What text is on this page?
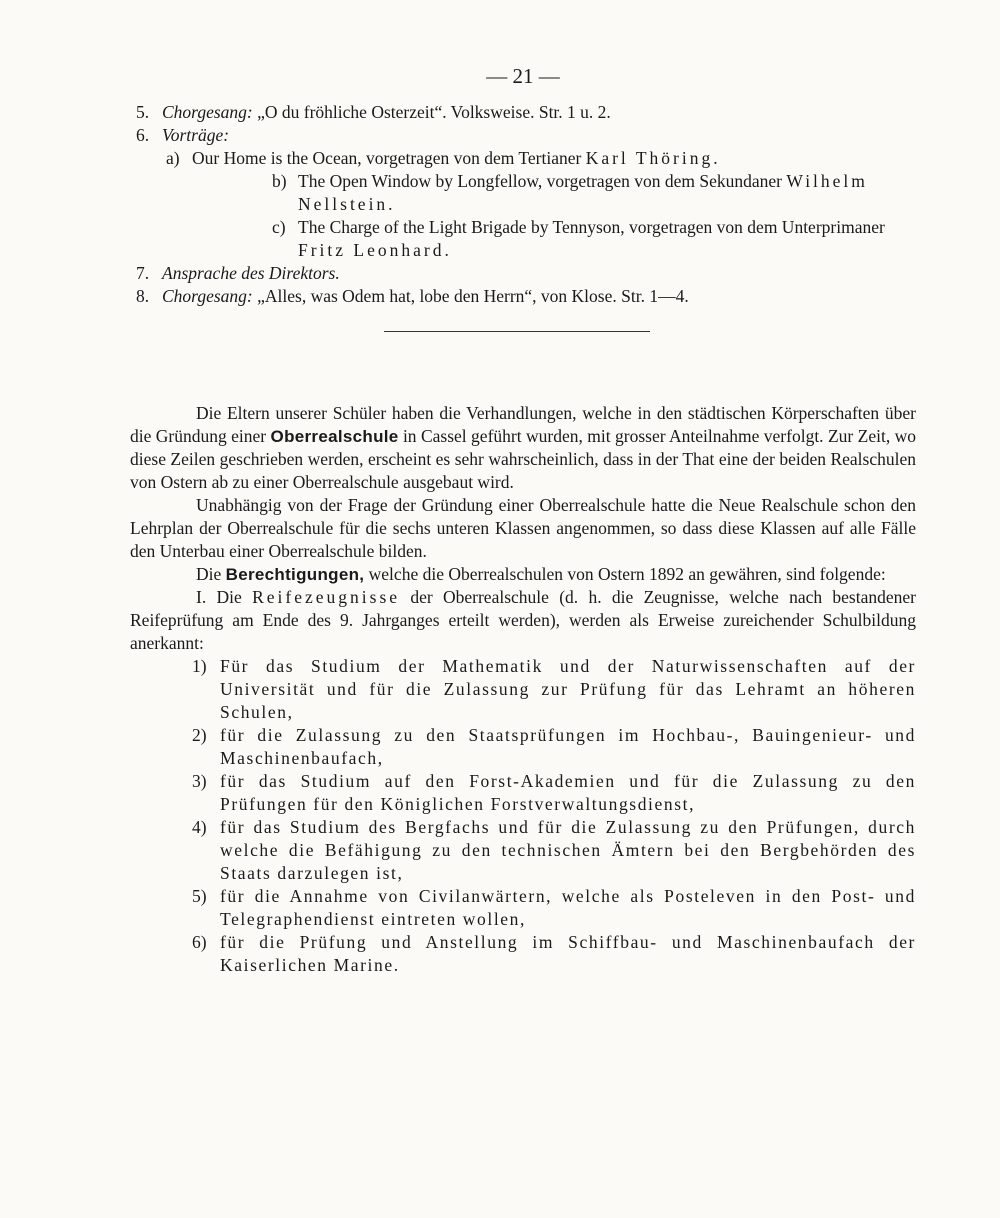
— 21 —
5. Chorgesang: „O du fröhliche Osterzeit“. Volksweise. Str. 1 u. 2.
6. Vorträge:
a) Our Home is the Ocean, vorgetragen von dem Tertianer Karl Thöring.
b) The Open Window by Longfellow, vorgetragen von dem Sekundaner Wilhelm Nellstein.
c) The Charge of the Light Brigade by Tennyson, vorgetragen von dem Unterprimaner Fritz Leonhard.
7. Ansprache des Direktors.
8. Chorgesang: „Alles, was Odem hat, lobe den Herrn“, von Klose. Str. 1—4.

Die Eltern unserer Schüler haben die Verhandlungen, welche in den städtischen Körperschaften über die Gründung einer Oberrealschule in Cassel geführt wurden, mit grosser Anteilnahme verfolgt. Zur Zeit, wo diese Zeilen geschrieben werden, erscheint es sehr wahrscheinlich, dass in der That eine der beiden Realschulen von Ostern ab zu einer Oberrealschule ausgebaut wird.

Unabhängig von der Frage der Gründung einer Oberrealschule hatte die Neue Realschule schon den Lehrplan der Oberrealschule für die sechs unteren Klassen angenommen, so dass diese Klassen auf alle Fälle den Unterbau einer Oberrealschule bilden.

Die Berechtigungen, welche die Oberrealschulen von Ostern 1892 an gewähren, sind folgende:

I. Die Reifezeugnisse der Oberrealschule (d. h. die Zeugnisse, welche nach bestandener Reifeprüfung am Ende des 9. Jahrganges erteilt werden), werden als Erweise zureichender Schulbildung anerkannt:

1) Für das Studium der Mathematik und der Naturwissenschaften auf der Universität und für die Zulassung zur Prüfung für das Lehramt an höheren Schulen,
2) für die Zulassung zu den Staatsprüfungen im Hochbau-, Bauingenieur- und Maschinenbaufach,
3) für das Studium auf den Forst-Akademien und für die Zulassung zu den Prüfungen für den Königlichen Forstverwaltungsdienst,
4) für das Studium des Bergfachs und für die Zulassung zu den Prüfungen, durch welche die Befähigung zu den technischen Ämtern bei den Bergbehörden des Staats darzulegen ist,
5) für die Annahme von Civilanwärtern, welche als Posteleven in den Post- und Telegraphendienst eintreten wollen,
6) für die Prüfung und Anstellung im Schiffbau- und Maschinenbaufach der Kaiserlichen Marine.
